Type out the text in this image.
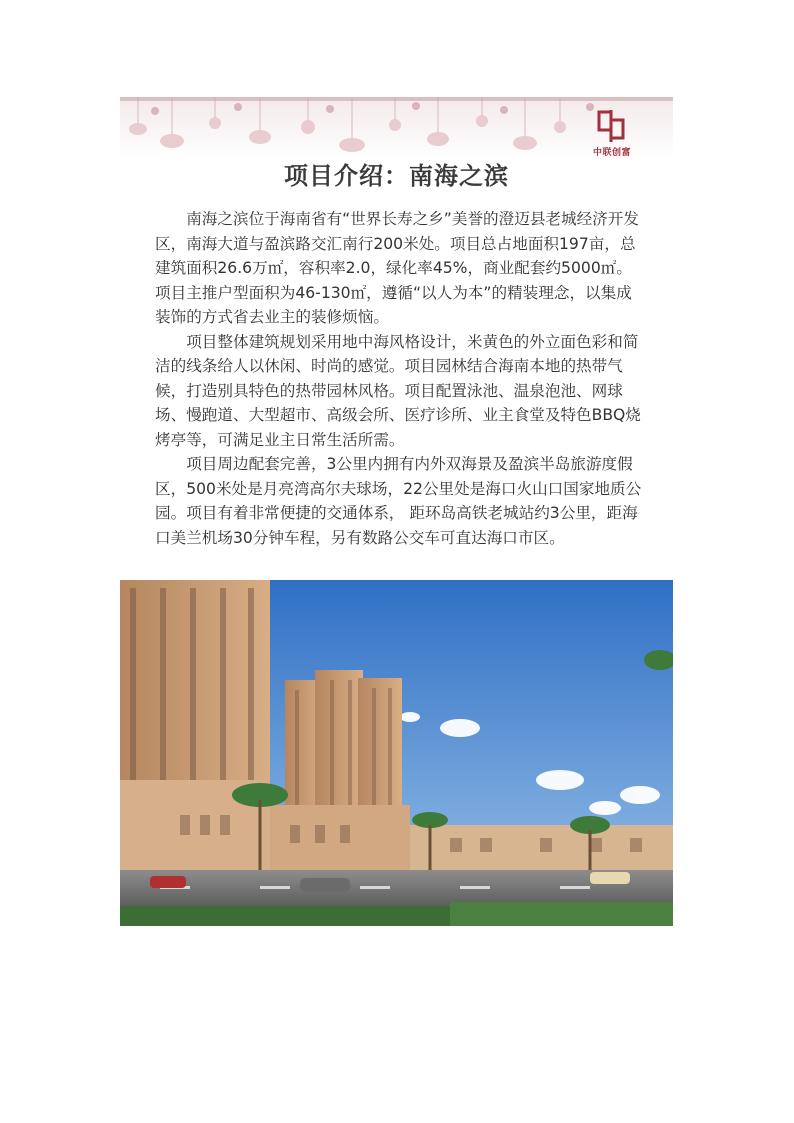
中联创富
项目介绍：南海之滨

南海之滨位于海南省有“世界长寿之乡”美誉的澄迈县老城经济开发区，南海大道与盈滨路交汇南行200米处。项目总占地面积197亩，总建筑面积26.6万㎡，容积率2.0，绿化率45%，商业配套约5000㎡。项目主推户型面积为46-130㎡，遵循“以人为本”的精装理念，以集成装饰的方式省去业主的装修烦恼。

项目整体建筑规划采用地中海风格设计，米黄色的外立面色彩和简洁的线条给人以休闲、时尚的感觉。项目园林结合海南本地的热带气候，打造别具特色的热带园林风格。项目配置泳池、温泉泡池、网球场、慢跑道、大型超市、高级会所、医疗诊所、业主食堂及特色BBQ烧烤亭等，可满足业主日常生活所需。

项目周边配套完善，3公里内拥有内外双海景及盈滨半岛旅游度假区，500米处是月亮湾高尔夫球场，22公里处是海口火山口国家地质公园。项目有着非常便捷的交通体系， 距环岛高铁老城站约3公里，距海口美兰机场30分钟车程，另有数路公交车可直达海口市区。
